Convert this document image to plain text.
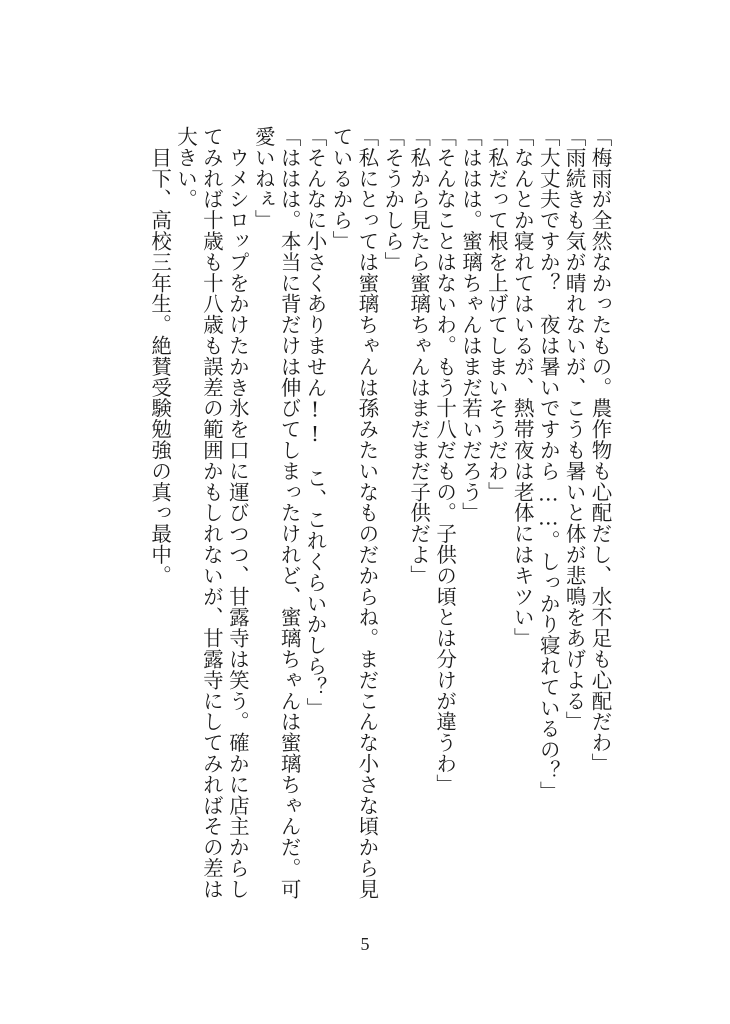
「梅雨が全然なかったもの。農作物も心配だし、水不足も心配だわ」

「雨続きも気が晴れないが、こうも暑いと体が悲鳴をあげよる」

「大丈夫ですか？　夜は暑いですから……。しっかり寝れているの？」

「なんとか寝れてはいるが、熱帯夜は老体にはキツい」

「私だって根を上げてしまいそうだわ」

「ははは。蜜璃ちゃんはまだ若いだろう」

「そんなことはないわ。もう十八だもの。子供の頃とは分けが違うわ」

「私から見たら蜜璃ちゃんはまだまだ子供だよ」

「そうかしら」

「私にとっては蜜璃ちゃんは孫みたいなものだからね。まだこんな小さな頃から見ているから」

「そんなに小さくありません!!　こ、これくらいかしら？」

「ははは。本当に背だけは伸びてしまったけれど、蜜璃ちゃんは蜜璃ちゃんだ。可愛いねぇ」

　ウメシロップをかけたかき氷を口に運びつつ、甘露寺は笑う。確かに店主からしてみれば十歳も十八歳も誤差の範囲かもしれないが、甘露寺にしてみればその差は大きい。

　目下、高校三年生。絶賛受験勉強の真っ最中。

5
